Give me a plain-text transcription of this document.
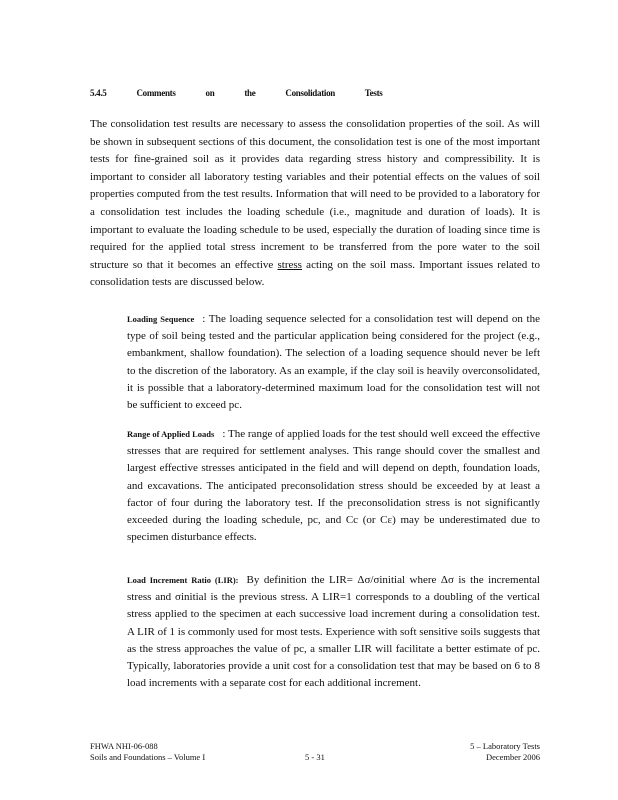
5.4.5 Comments on the Consolidation Tests
The consolidation test results are necessary to assess the consolidation properties of the soil. As will be shown in subsequent sections of this document, the consolidation test is one of the most important tests for fine-grained soil as it provides data regarding stress history and compressibility. It is important to consider all laboratory testing variables and their potential effects on the values of soil properties computed from the test results. Information that will need to be provided to a laboratory for a consolidation test includes the loading schedule (i.e., magnitude and duration of loads). It is important to evaluate the loading schedule to be used, especially the duration of loading since time is required for the applied total stress increment to be transferred from the pore water to the soil structure so that it becomes an effective stress acting on the soil mass. Important issues related to consolidation tests are discussed below.
Loading Sequence : The loading sequence selected for a consolidation test will depend on the type of soil being tested and the particular application being considered for the project (e.g., embankment, shallow foundation). The selection of a loading sequence should never be left to the discretion of the laboratory. As an example, if the clay soil is heavily overconsolidated, it is possible that a laboratory-determined maximum load for the consolidation test will not be sufficient to exceed pc.
Range of Applied Loads : The range of applied loads for the test should well exceed the effective stresses that are required for settlement analyses. This range should cover the smallest and largest effective stresses anticipated in the field and will depend on depth, foundation loads, and excavations. The anticipated preconsolidation stress should be exceeded by at least a factor of four during the laboratory test. If the preconsolidation stress is not significantly exceeded during the loading schedule, pc, and Cc (or Cε) may be underestimated due to specimen disturbance effects.
Load Increment Ratio (LIR): By definition the LIR= Δσ/σinitial where Δσ is the incremental stress and σinitial is the previous stress. A LIR=1 corresponds to a doubling of the vertical stress applied to the specimen at each successive load increment during a consolidation test. A LIR of 1 is commonly used for most tests. Experience with soft sensitive soils suggests that as the stress approaches the value of pc, a smaller LIR will facilitate a better estimate of pc. Typically, laboratories provide a unit cost for a consolidation test that may be based on 6 to 8 load increments with a separate cost for each additional increment.
FHWA NHI-06-088
Soils and Foundations – Volume I	5 - 31
5 – Laboratory Tests
December 2006
